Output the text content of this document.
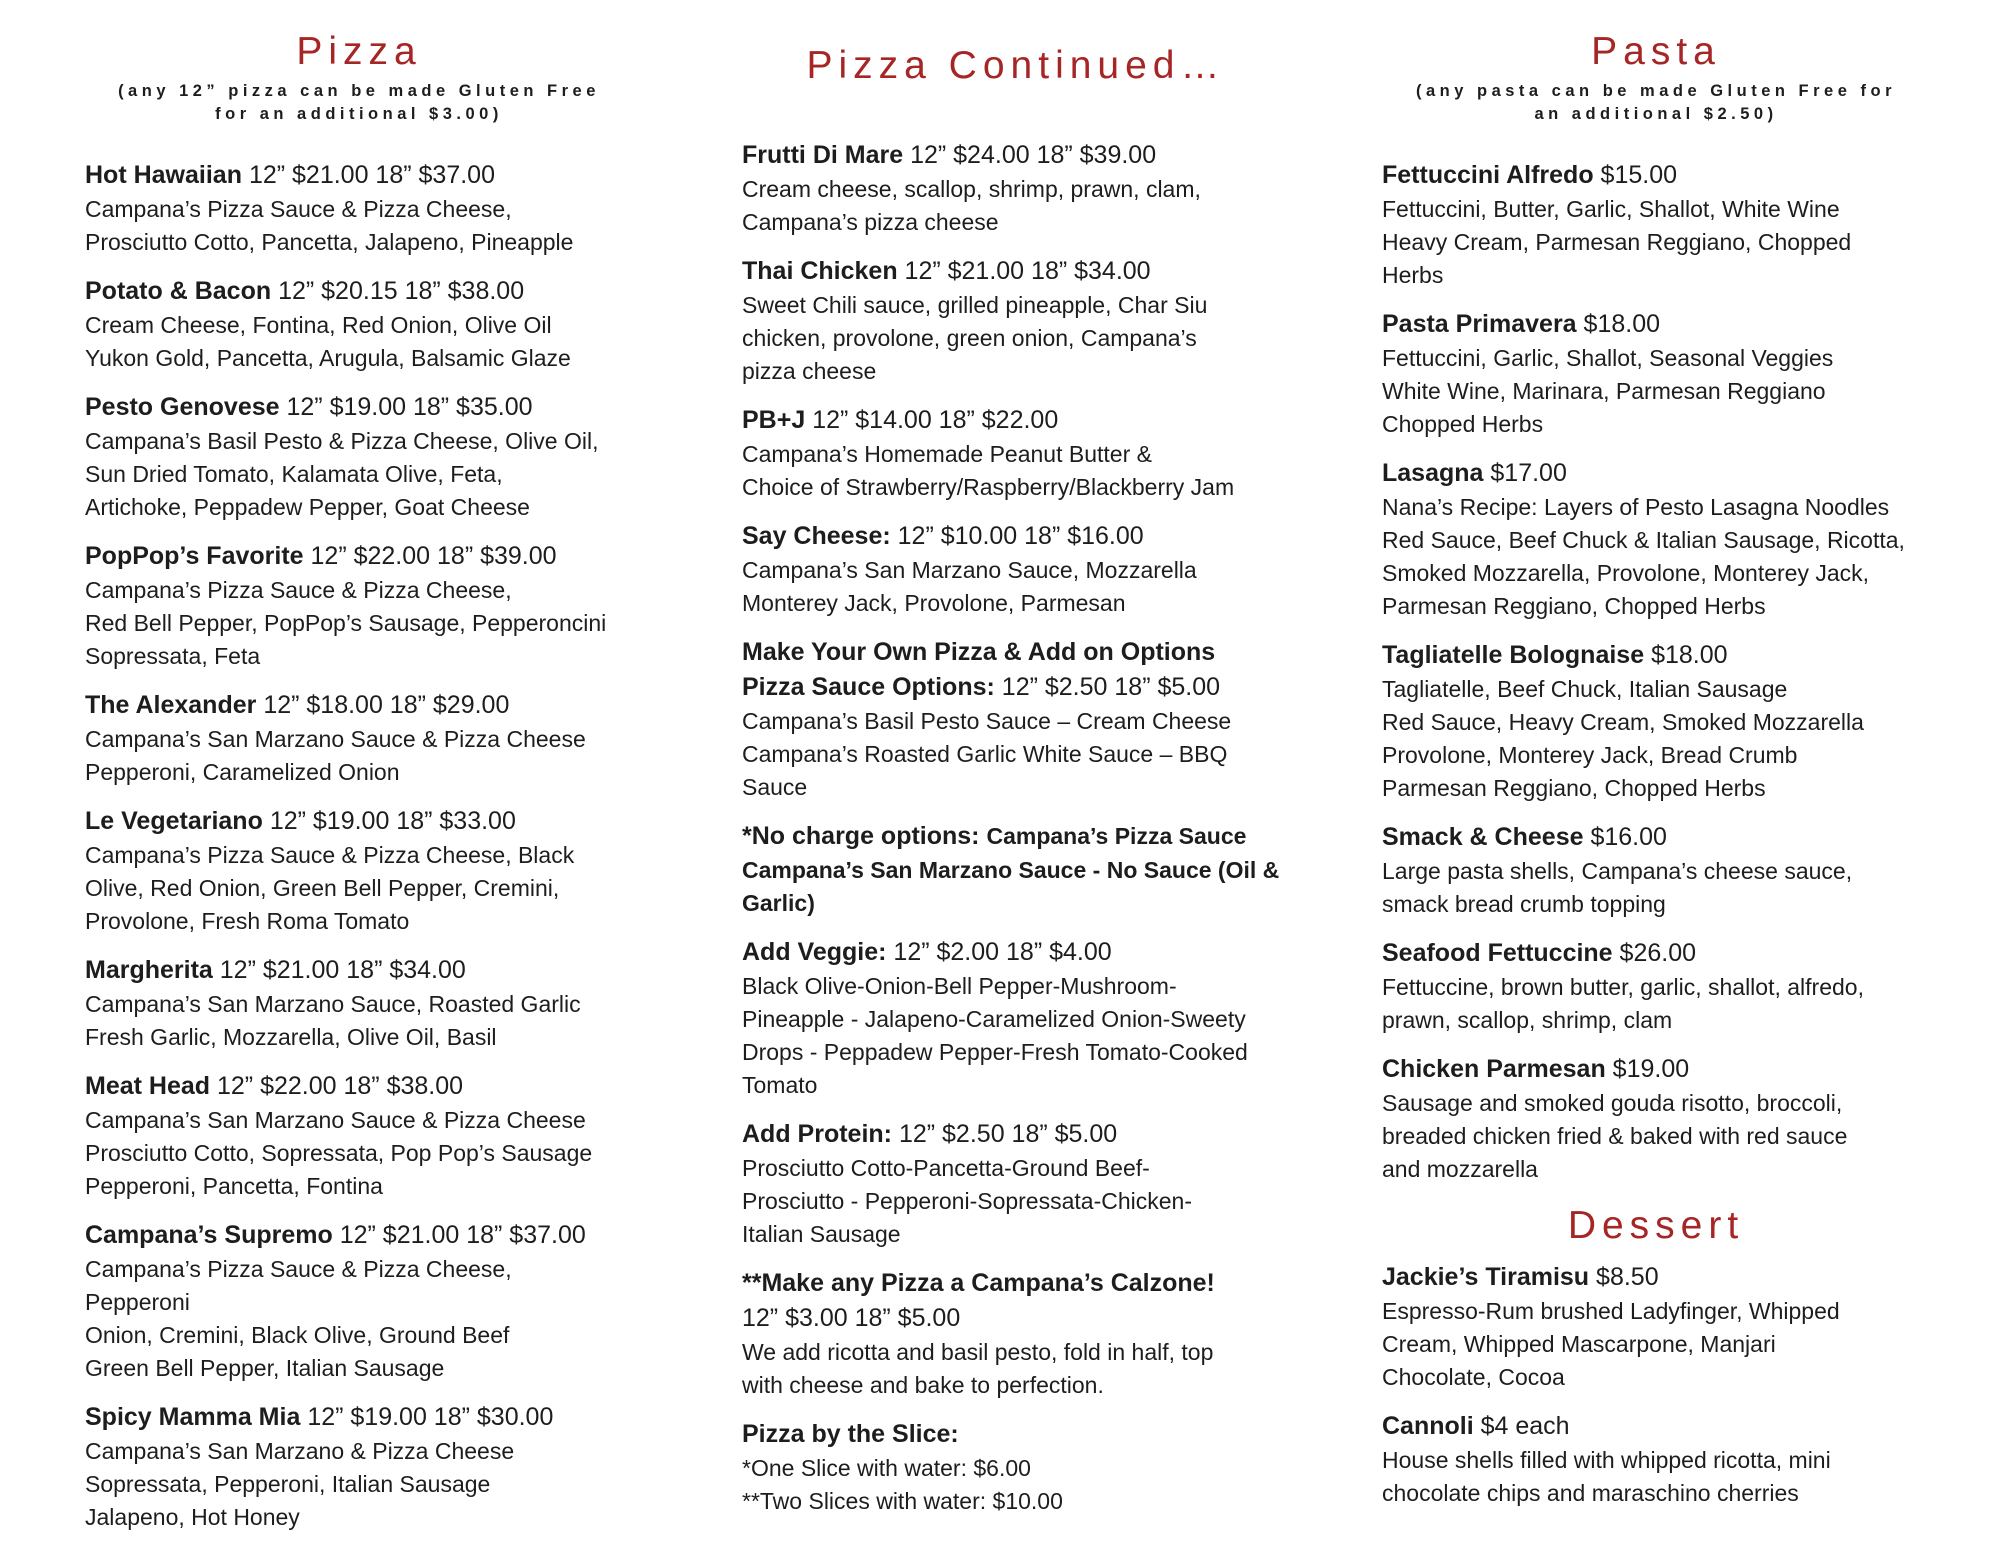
Pizza
(any 12” pizza can be made Gluten Free
for an additional $3.00)
Hot Hawaiian 12” $21.00 18” $37.00
Campana’s Pizza Sauce & Pizza Cheese,
Prosciutto Cotto, Pancetta, Jalapeno, Pineapple
Potato & Bacon 12” $20.15 18” $38.00
Cream Cheese, Fontina, Red Onion, Olive Oil
Yukon Gold, Pancetta, Arugula, Balsamic Glaze
Pesto Genovese 12” $19.00 18” $35.00
Campana’s Basil Pesto & Pizza Cheese, Olive Oil,
Sun Dried Tomato, Kalamata Olive, Feta,
Artichoke, Peppadew Pepper, Goat Cheese
PopPop’s Favorite 12” $22.00 18” $39.00
Campana’s Pizza Sauce & Pizza Cheese,
Red Bell Pepper, PopPop’s Sausage, Pepperoncini
Sopressata, Feta
The Alexander 12” $18.00 18” $29.00
Campana’s San Marzano Sauce & Pizza Cheese
Pepperoni, Caramelized Onion
Le Vegetariano 12” $19.00 18” $33.00
Campana’s Pizza Sauce & Pizza Cheese, Black
Olive, Red Onion, Green Bell Pepper, Cremini,
Provolone, Fresh Roma Tomato
Margherita 12” $21.00 18” $34.00
Campana’s San Marzano Sauce, Roasted Garlic
Fresh Garlic, Mozzarella, Olive Oil, Basil
Meat Head 12” $22.00 18” $38.00
Campana’s San Marzano Sauce & Pizza Cheese
Prosciutto Cotto, Sopressata, Pop Pop’s Sausage
Pepperoni, Pancetta, Fontina
Campana’s Supremo 12” $21.00 18” $37.00
Campana’s Pizza Sauce & Pizza Cheese,
Pepperoni
Onion, Cremini, Black Olive, Ground Beef
Green Bell Pepper, Italian Sausage
Spicy Mamma Mia 12” $19.00 18” $30.00
Campana’s San Marzano & Pizza Cheese
Sopressata, Pepperoni, Italian Sausage
Jalapeno, Hot Honey
Pizza Continued…
Frutti Di Mare 12” $24.00 18” $39.00
Cream cheese, scallop, shrimp, prawn, clam,
Campana’s pizza cheese
Thai Chicken 12” $21.00 18” $34.00
Sweet Chili sauce, grilled pineapple, Char Siu
chicken, provolone, green onion, Campana’s
pizza cheese
PB+J 12” $14.00 18” $22.00
Campana’s Homemade Peanut Butter &
Choice of Strawberry/Raspberry/Blackberry Jam
Say Cheese: 12” $10.00 18” $16.00
Campana’s San Marzano Sauce, Mozzarella
Monterey Jack, Provolone, Parmesan
Make Your Own Pizza & Add on Options
Pizza Sauce Options: 12” $2.50 18” $5.00
Campana’s Basil Pesto Sauce – Cream Cheese
Campana’s Roasted Garlic White Sauce – BBQ
Sauce
*No charge options: Campana’s Pizza Sauce
Campana’s San Marzano Sauce - No Sauce (Oil &
Garlic)
Add Veggie: 12” $2.00 18” $4.00
Black Olive-Onion-Bell Pepper-Mushroom-
Pineapple - Jalapeno-Caramelized Onion-Sweety
Drops - Peppadew Pepper-Fresh Tomato-Cooked
Tomato
Add Protein: 12” $2.50 18” $5.00
Prosciutto Cotto-Pancetta-Ground Beef-
Prosciutto - Pepperoni-Sopressata-Chicken-
Italian Sausage
**Make any Pizza a Campana’s Calzone!
12” $3.00 18” $5.00
We add ricotta and basil pesto, fold in half, top
with cheese and bake to perfection.
Pizza by the Slice:
*One Slice with water: $6.00
**Two Slices with water: $10.00
Pasta
(any pasta can be made Gluten Free for
an additional $2.50)
Fettuccini Alfredo $15.00
Fettuccini, Butter, Garlic, Shallot, White Wine
Heavy Cream, Parmesan Reggiano, Chopped
Herbs
Pasta Primavera $18.00
Fettuccini, Garlic, Shallot, Seasonal Veggies
White Wine, Marinara, Parmesan Reggiano
Chopped Herbs
Lasagna $17.00
Nana’s Recipe: Layers of Pesto Lasagna Noodles
Red Sauce, Beef Chuck & Italian Sausage, Ricotta,
Smoked Mozzarella, Provolone, Monterey Jack,
Parmesan Reggiano, Chopped Herbs
Tagliatelle Bolognaise $18.00
Tagliatelle, Beef Chuck, Italian Sausage
Red Sauce, Heavy Cream, Smoked Mozzarella
Provolone, Monterey Jack, Bread Crumb
Parmesan Reggiano, Chopped Herbs
Smack & Cheese $16.00
Large pasta shells, Campana’s cheese sauce,
smack bread crumb topping
Seafood Fettuccine $26.00
Fettuccine, brown butter, garlic, shallot, alfredo,
prawn, scallop, shrimp, clam
Chicken Parmesan $19.00
Sausage and smoked gouda risotto, broccoli,
breaded chicken fried & baked with red sauce
and mozzarella
Dessert
Jackie’s Tiramisu $8.50
Espresso-Rum brushed Ladyfinger, Whipped
Cream, Whipped Mascarpone, Manjari
Chocolate, Cocoa
Cannoli $4 each
House shells filled with whipped ricotta, mini
chocolate chips and maraschino cherries
